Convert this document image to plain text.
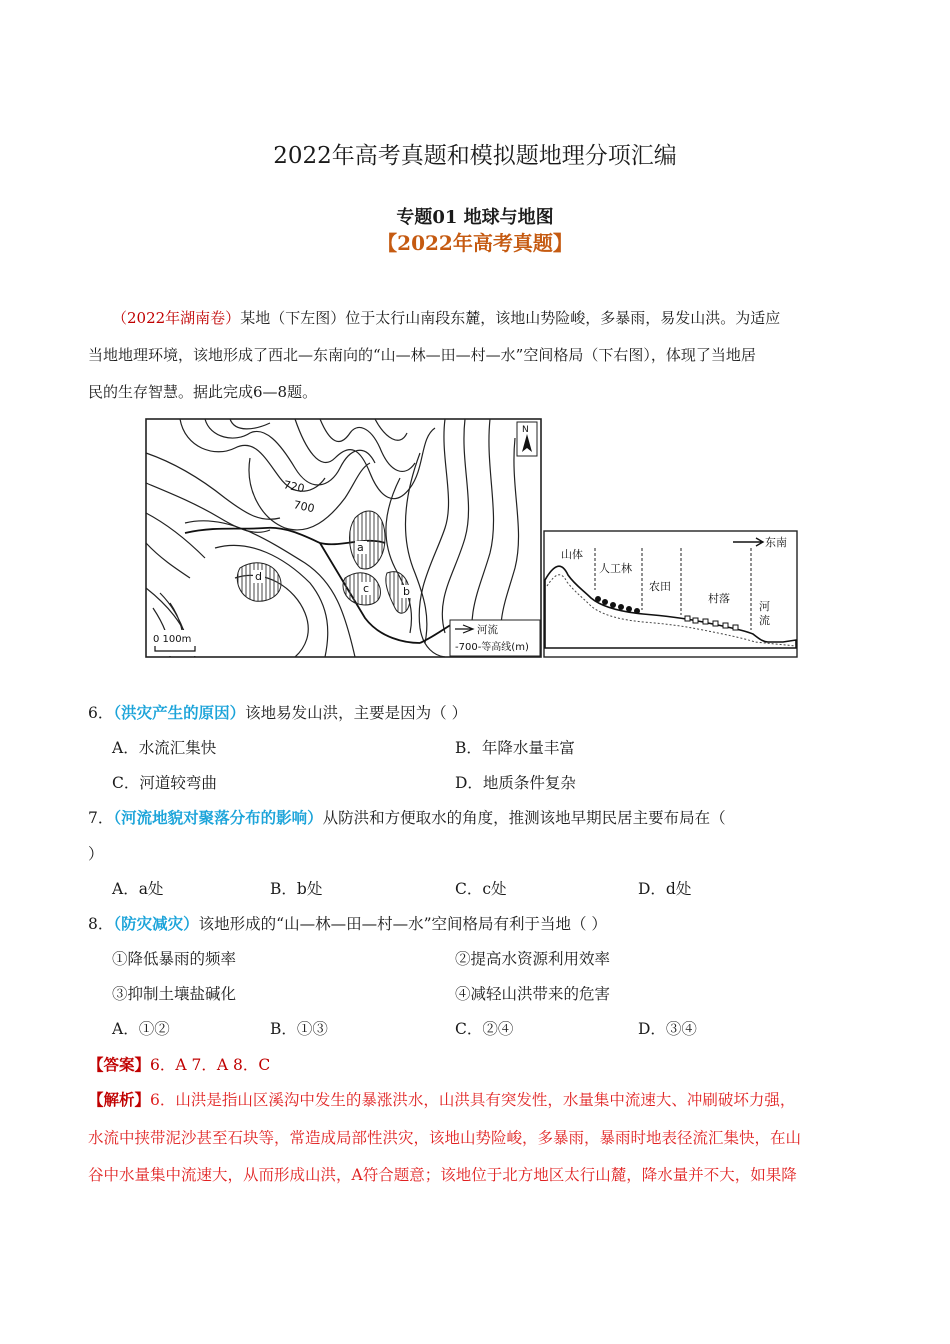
2022年高考真题和模拟题地理分项汇编
专题01 地球与地图
【2022年高考真题】
（2022年湖南卷）某地（下左图）位于太行山南段东麓，该地山势险峻，多暴雨，易发山洪。为适应
当地地理环境，该地形成了西北—东南向的“山—林—田—村—水”空间格局（下右图），体现了当地居
民的生存智慧。据此完成6—8题。
720
700
a
c	b
d
N
0 100m
河流
-700-等高线(m)
东南
山体
人工林
农田
村落
河
流
6．（洪灾产生的原因）该地易发山洪，主要是因为（ ）
A．水流汇集快	B．年降水量丰富
C．河道较弯曲	D．地质条件复杂
7．（河流地貌对聚落分布的影响）从防洪和方便取水的角度，推测该地早期民居主要布局在（
）
A．a处	B．b处	C．c处	D．d处
8．（防灾减灾）该地形成的“山—林—田—村—水”空间格局有利于当地（ ）
①降低暴雨的频率	②提高水资源利用效率
③抑制土壤盐碱化	④减轻山洪带来的危害
A．①②	B．①③	C．②④	D．③④
【答案】6．A 7．A 8．C
【解析】6．山洪是指山区溪沟中发生的暴涨洪水，山洪具有突发性，水量集中流速大、冲刷破坏力强，
水流中挟带泥沙甚至石块等，常造成局部性洪灾，该地山势险峻，多暴雨，暴雨时地表径流汇集快，在山
谷中水量集中流速大，从而形成山洪，A符合题意；该地位于北方地区太行山麓，降水量并不大，如果降
